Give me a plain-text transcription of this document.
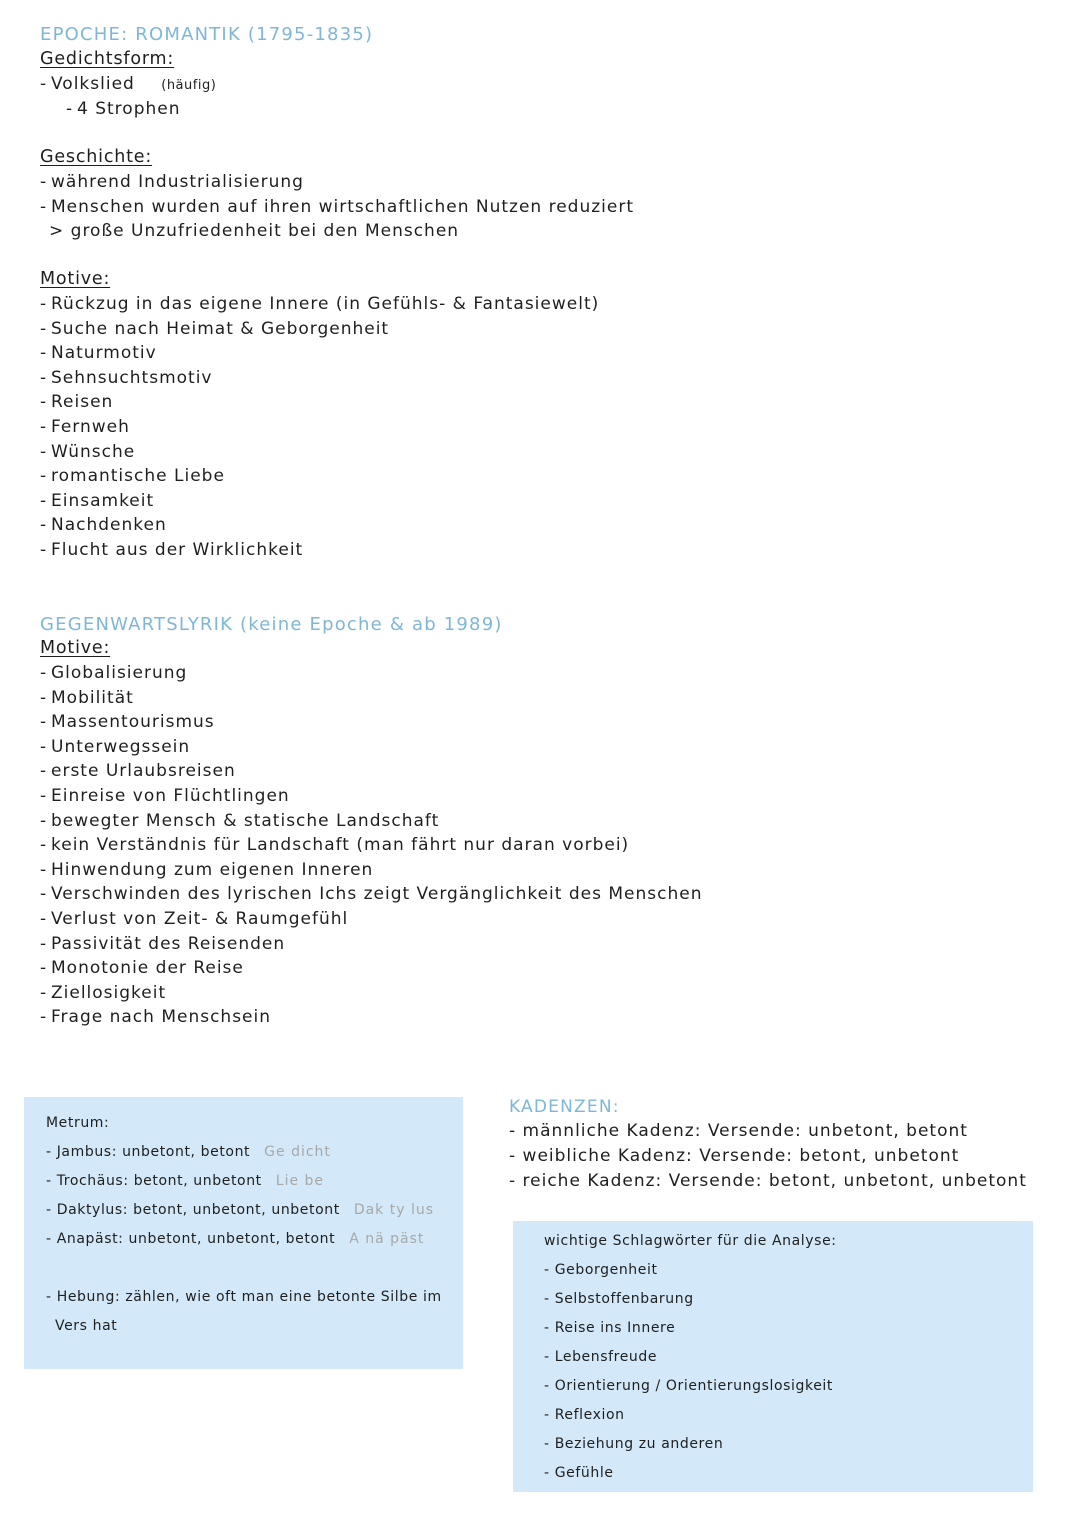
EPOCHE: ROMANTIK (1795-1835)
Gedichtsform:
- Volkslied (häufig)
- 4 Strophen
Geschichte:
- während Industrialisierung
- Menschen wurden auf ihren wirtschaftlichen Nutzen reduziert
> große Unzufriedenheit bei den Menschen
Motive:
- Rückzug in das eigene Innere (in Gefühls- & Fantasiewelt)
- Suche nach Heimat & Geborgenheit
- Naturmotiv
- Sehnsuchtsmotiv
- Reisen
- Fernweh
- Wünsche
- romantische Liebe
- Einsamkeit
- Nachdenken
- Flucht aus der Wirklichkeit
GEGENWARTSLYRIK (keine Epoche & ab 1989)
Motive:
- Globalisierung
- Mobilität
- Massentourismus
- Unterwegssein
- erste Urlaubsreisen
- Einreise von Flüchtlingen
- bewegter Mensch & statische Landschaft
- kein Verständnis für Landschaft (man fährt nur daran vorbei)
- Hinwendung zum eigenen Inneren
- Verschwinden des lyrischen Ichs zeigt Vergänglichkeit des Menschen
- Verlust von Zeit- & Raumgefühl
- Passivität des Reisenden
- Monotonie der Reise
- Ziellosigkeit
- Frage nach Menschsein
Metrum:
- Jambus: unbetont, betont Ge dicht
- Trochäus: betont, unbetont Lie be
- Daktylus: betont, unbetont, unbetont Dak ty lus
- Anapäst: unbetont, unbetont, betont A nä päst
- Hebung: zählen, wie oft man eine betonte Silbe im
Vers hat
KADENZEN:
- männliche Kadenz: Versende: unbetont, betont
- weibliche Kadenz: Versende: betont, unbetont
- reiche Kadenz: Versende: betont, unbetont, unbetont
wichtige Schlagwörter für die Analyse:
- Geborgenheit
- Selbstoffenbarung
- Reise ins Innere
- Lebensfreude
- Orientierung / Orientierungslosigkeit
- Reflexion
- Beziehung zu anderen
- Gefühle
